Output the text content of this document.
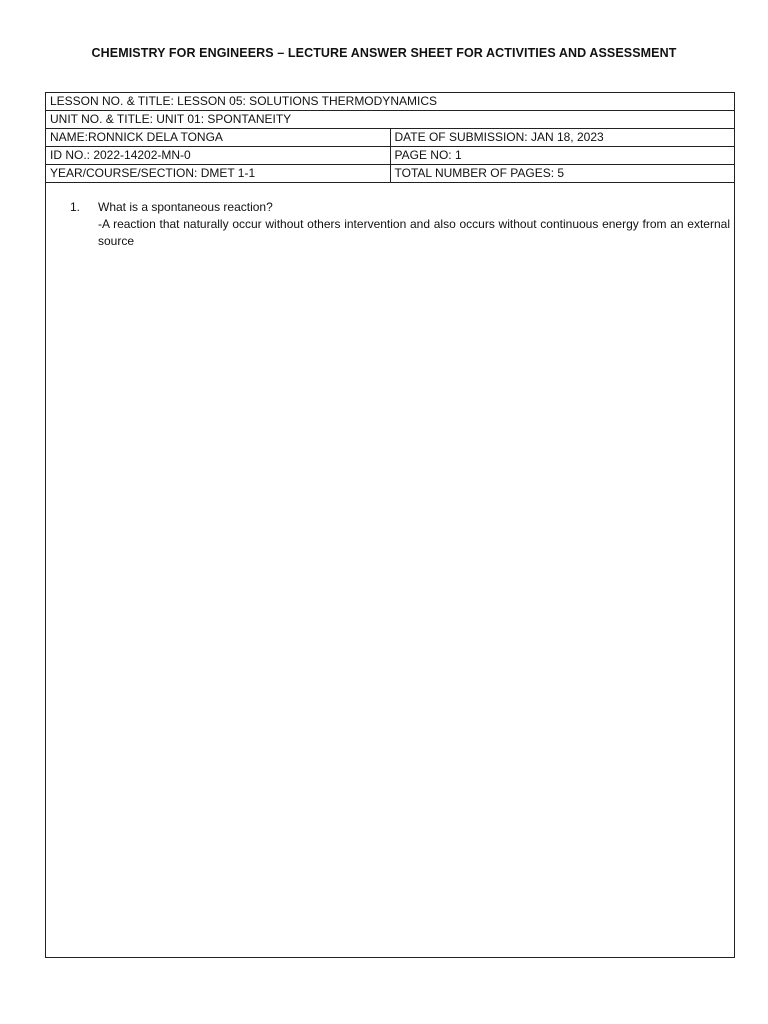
CHEMISTRY FOR ENGINEERS – LECTURE ANSWER SHEET FOR ACTIVITIES AND ASSESSMENT
LESSON NO. & TITLE: LESSON 05: SOLUTIONS THERMODYNAMICS	
UNIT NO. & TITLE: UNIT 01: SPONTANEITY	
NAME:RONNICK DELA TONGA	DATE OF SUBMISSION: JAN 18, 2023
ID NO.: 2022-14202-MN-0	PAGE NO: 1
YEAR/COURSE/SECTION: DMET 1-1	TOTAL NUMBER OF PAGES: 5
1.	What is a spontaneous reaction?
-A reaction that naturally occur without others intervention and also occurs without continuous energy from an external source
